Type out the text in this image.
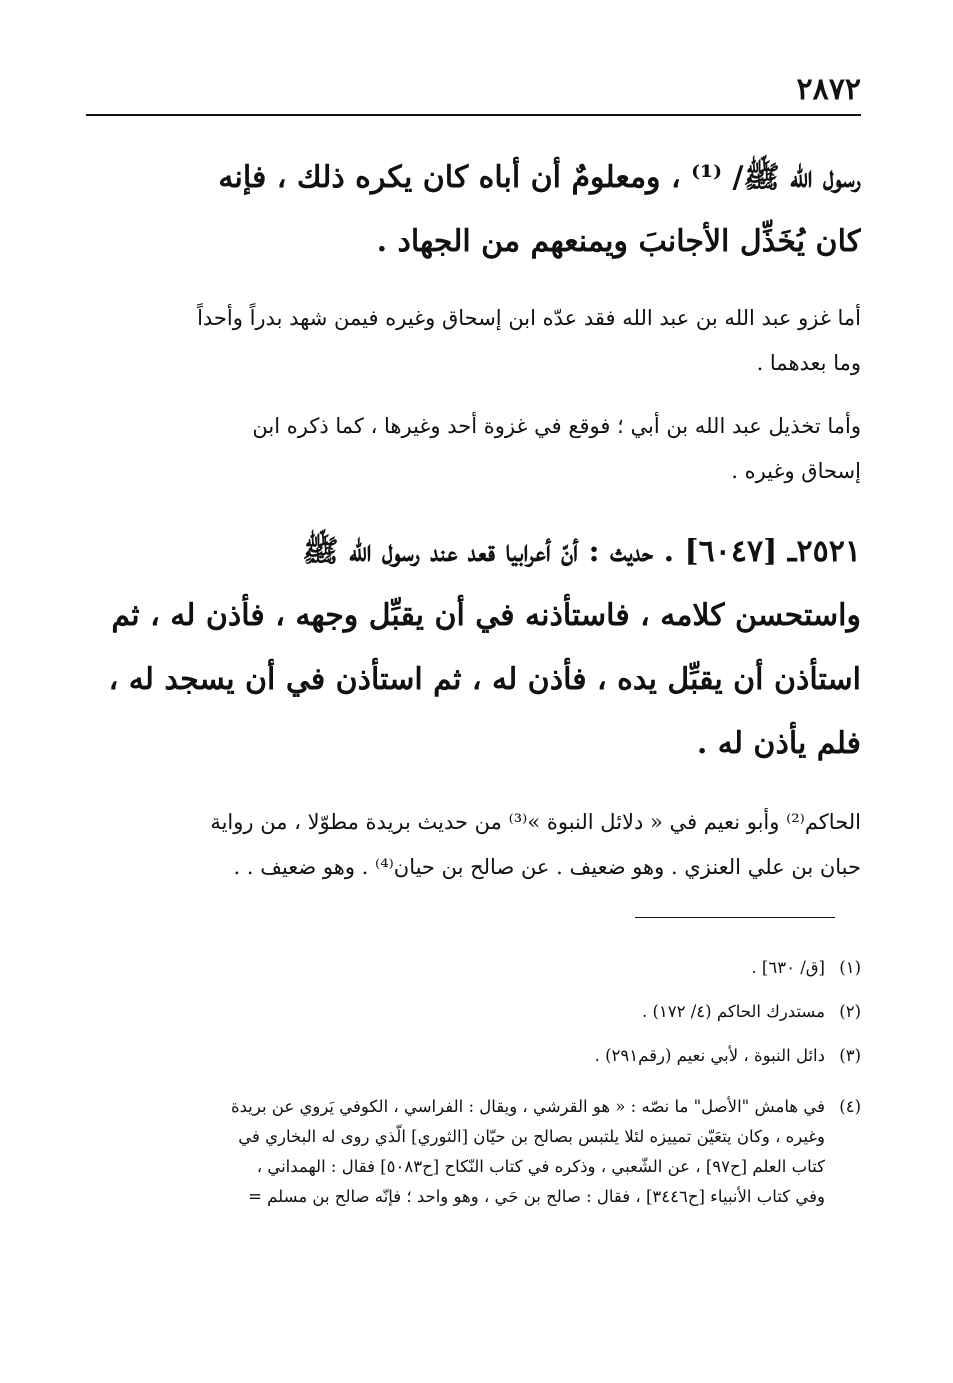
٢٨٧٢
رسول الله ﷺ/ ⁽¹⁾ ، ومعلومٌ أن أباه كان يكره ذلك ، فإنه
كان يُخَذِّل الأجانبَ ويمنعهم من الجهاد .
أما غزو عبد الله بن عبد الله فقد عدّه ابن إسحاق وغيره فيمن شهد بدراً وأحداً
وما بعدهما .
وأما تخذيل عبد الله بن أبي ؛ فوقع في غزوة أحد وغيرها ، كما ذكره ابن
إسحاق وغيره .
٢٥٢١ـ [٦٠٤٧] . حديث : أنّ أعرابيا قعد عند رسول الله ﷺ
واستحسن كلامه ، فاستأذنه في أن يقبِّل وجهه ، فأذن له ، ثم
استأذن أن يقبِّل يده ، فأذن له ، ثم استأذن في أن يسجد له ،
فلم يأذن له .
الحاكم⁽²⁾ وأبو نعيم في « دلائل النبوة »⁽³⁾ من حديث بريدة مطوّلا ، من رواية
حبان بن علي العنزي . وهو ضعيف . عن صالح بن حيان⁽⁴⁾ . وهو ضعيف . .
(١)
[ق/ ٦٣٠] .
(٢)
مستدرك الحاكم (٤/ ١٧٢) .
(٣)
دائل النبوة ، لأبي نعيم (رقم٢٩١) .
(٤)
في هامش "الأصل" ما نصّه : « هو القرشي ، ويقال : الفراسي ، الكوفي يَروي عن بريدة
وغيره ، وكان يتعَيّن تمييزه لئلا يلتبس بصالح بن حيّان [الثوري] الّذي روى له البخاري في
كتاب العلم [ح٩٧] ، عن الشّعبي ، وذكره في كتاب النّكاح [ح٥٠٨٣] فقال : الهمداني ،
وفي كتاب الأنبياء [ح٣٤٤٦] ، فقال : صالح بن حَي ، وهو واحد ؛ فإنّه صالح بن مسلم =
